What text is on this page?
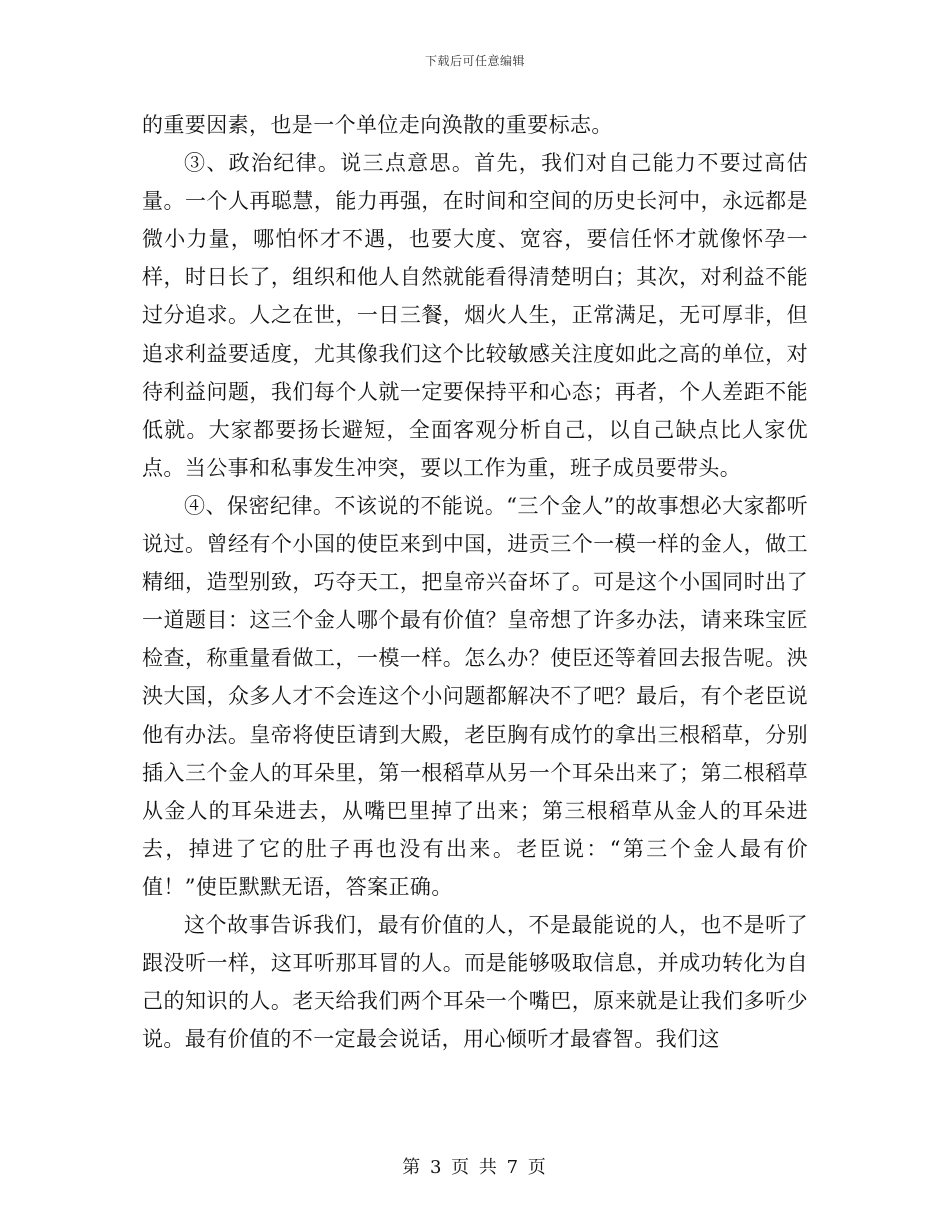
下载后可任意编辑

的重要因素，也是一个单位走向涣散的重要标志。

③、政治纪律。说三点意思。首先，我们对自己能力不要过高估量。一个人再聪慧，能力再强，在时间和空间的历史长河中，永远都是微小力量，哪怕怀才不遇，也要大度、宽容，要信任怀才就像怀孕一样，时日长了，组织和他人自然就能看得清楚明白；其次，对利益不能过分追求。人之在世，一日三餐，烟火人生，正常满足，无可厚非，但追求利益要适度，尤其像我们这个比较敏感关注度如此之高的单位，对待利益问题，我们每个人就一定要保持平和心态；再者，个人差距不能低就。大家都要扬长避短，全面客观分析自己，以自己缺点比人家优点。当公事和私事发生冲突，要以工作为重，班子成员要带头。

④、保密纪律。不该说的不能说。“三个金人”的故事想必大家都听说过。曾经有个小国的使臣来到中国，进贡三个一模一样的金人，做工精细，造型别致，巧夺天工，把皇帝兴奋坏了。可是这个小国同时出了一道题目：这三个金人哪个最有价值？皇帝想了许多办法，请来珠宝匠检查，称重量看做工，一模一样。怎么办？使臣还等着回去报告呢。泱泱大国，众多人才不会连这个小问题都解决不了吧？最后，有个老臣说他有办法。皇帝将使臣请到大殿，老臣胸有成竹的拿出三根稻草，分别插入三个金人的耳朵里，第一根稻草从另一个耳朵出来了；第二根稻草从金人的耳朵进去，从嘴巴里掉了出来；第三根稻草从金人的耳朵进去，掉进了它的肚子再也没有出来。老臣说：“第三个金人最有价值！”使臣默默无语，答案正确。

这个故事告诉我们，最有价值的人，不是最能说的人，也不是听了跟没听一样，这耳听那耳冒的人。而是能够吸取信息，并成功转化为自己的知识的人。老天给我们两个耳朵一个嘴巴，原来就是让我们多听少说。最有价值的不一定最会说话，用心倾听才最睿智。我们这

第 3 页 共 7 页
